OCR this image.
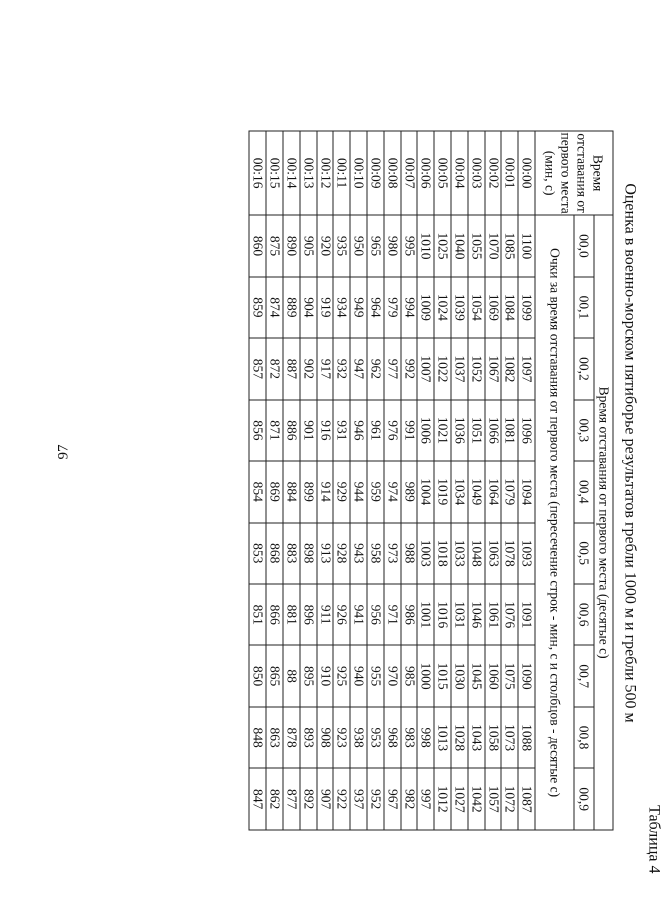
97
Таблица 4
Оценка в военно-морском пятиборье результатов гребли 1000 м и гребли 500 м
Время
отставания от
первого места
(мин, с)	Время отставания от первого места (десятые с)									
	00,0	00,1	00,2	00,3	00,4	00,5	00,6	00,7	00,8	00,9
	Очки за время отставания от первого места (пересечение строк - мин, с и столбцов - десятые с)									
00:00	1100	1099	1097	1096	1094	1093	1091	1090	1088	1087
00:01	1085	1084	1082	1081	1079	1078	1076	1075	1073	1072
00:02	1070	1069	1067	1066	1064	1063	1061	1060	1058	1057
00:03	1055	1054	1052	1051	1049	1048	1046	1045	1043	1042
00:04	1040	1039	1037	1036	1034	1033	1031	1030	1028	1027
00:05	1025	1024	1022	1021	1019	1018	1016	1015	1013	1012
00:06	1010	1009	1007	1006	1004	1003	1001	1000	998	997
00:07	995	994	992	991	989	988	986	985	983	982
00:08	980	979	977	976	974	973	971	970	968	967
00:09	965	964	962	961	959	958	956	955	953	952
00:10	950	949	947	946	944	943	941	940	938	937
00:11	935	934	932	931	929	928	926	925	923	922
00:12	920	919	917	916	914	913	911	910	908	907
00:13	905	904	902	901	899	898	896	895	893	892
00:14	890	889	887	886	884	883	881	88	878	877
00:15	875	874	872	871	869	868	866	865	863	862
00:16	860	859	857	856	854	853	851	850	848	847
